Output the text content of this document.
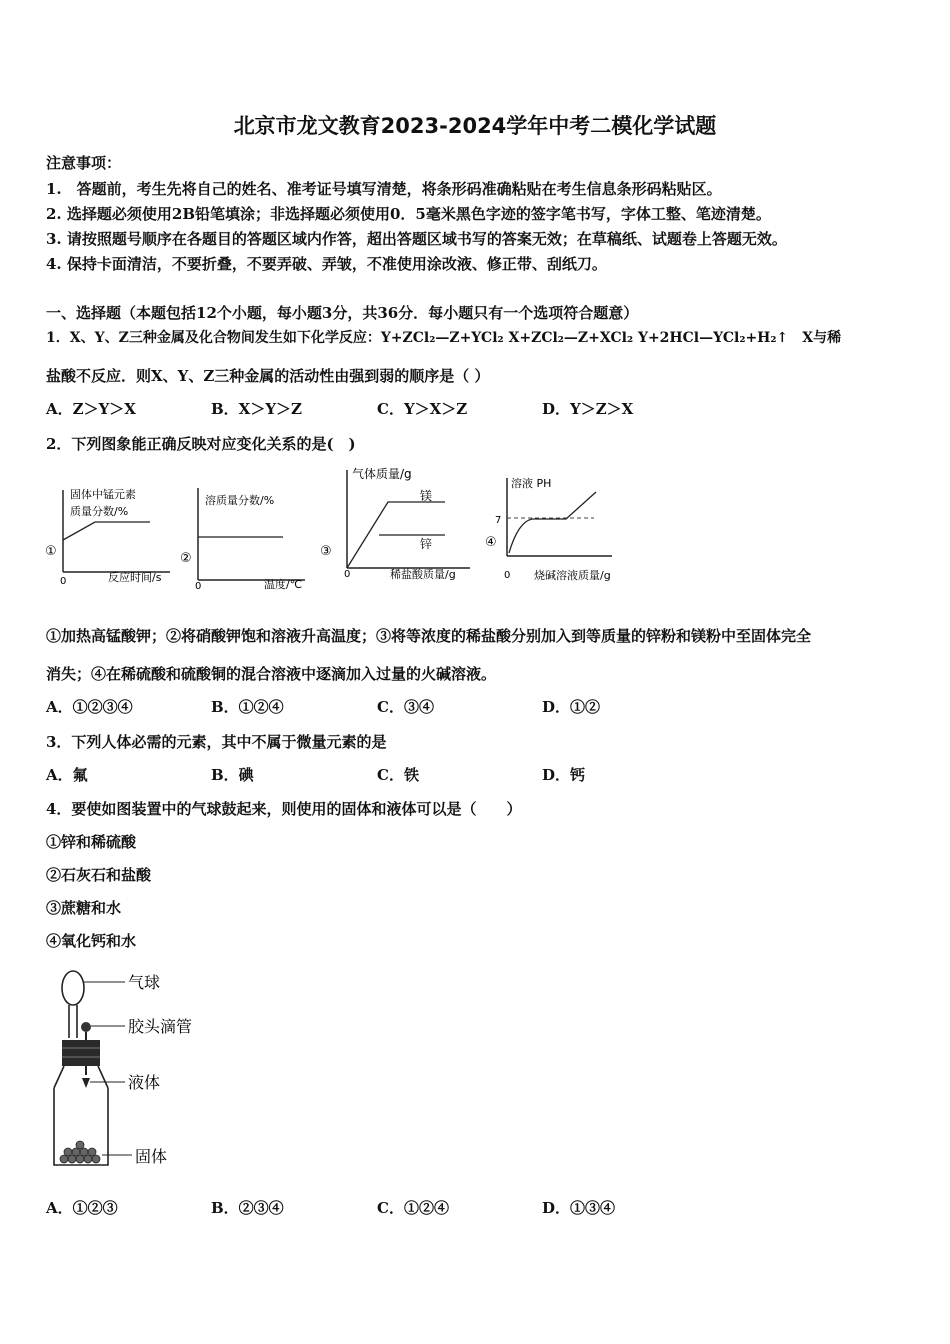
北京市龙文教育2023-2024学年中考二模化学试题
注意事项：
1.　答题前，考生先将自己的姓名、准考证号填写清楚，将条形码准确粘贴在考生信息条形码粘贴区。
2. 选择题必须使用2B铅笔填涂；非选择题必须使用0．5毫米黑色字迹的签字笔书写，字体工整、笔迹清楚。
3. 请按照题号顺序在各题目的答题区域内作答，超出答题区域书写的答案无效；在草稿纸、试题卷上答题无效。
4. 保持卡面清洁，不要折叠，不要弄破、弄皱，不准使用涂改液、修正带、刮纸刀。
一、选择题（本题包括12个小题，每小题3分，共36分．每小题只有一个选项符合题意）
1．X、Y、Z三种金属及化合物间发生如下化学反应：Y+ZCl₂—Z+YCl₂ X+ZCl₂—Z+XCl₂ Y+2HCl—YCl₂+H₂↑　X与稀
盐酸不反应．则X、Y、Z三种金属的活动性由强到弱的顺序是（ ）
A．Z＞Y＞X	B．X＞Y＞Z	C．Y＞X＞Z	D．Y＞Z＞X
2．下列图象能正确反映对应变化关系的是(　)
固体中锰元素
质量分数/%
①
0	反应时间/s
溶质量分数/%
②
0	温度/℃
气体质量/g
镁
锌
③
0	稀盐酸质量/g
溶液 PH
7
④
0 烧碱溶液质量/g
①加热高锰酸钾；②将硝酸钾饱和溶液升高温度；③将等浓度的稀盐酸分别加入到等质量的锌粉和镁粉中至固体完全
消失；④在稀硫酸和硫酸铜的混合溶液中逐滴加入过量的火碱溶液。
A．①②③④	B．①②④	C．③④	D．①②
3．下列人体必需的元素，其中不属于微量元素的是
A．氟	B．碘	C．铁	D．钙
4．要使如图装置中的气球鼓起来，则使用的固体和液体可以是（　　）
①锌和稀硫酸
②石灰石和盐酸
③蔗糖和水
④氧化钙和水
气球
胶头滴管
液体
固体
A．①②③	B．②③④	C．①②④	D．①③④
